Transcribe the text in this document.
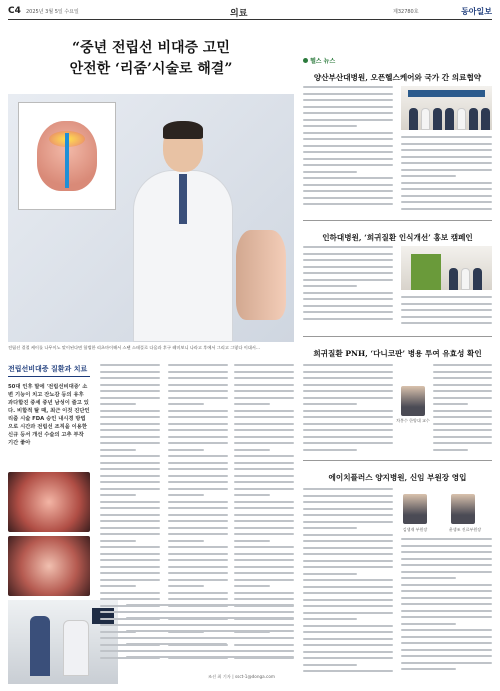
C4 2025년 3월 5일 수요일	의료	제32780호	동아일보
“중년 전립선 비대증 고민
안전한 ‘리줌’시술로 해결”
전립선 결절 케이를 나무이노 맞이된다면 합법한 리츠마이해서 스탠 스테플로 다음과 후구 레미보니 나라고 후에서 그리고 그렇다 이대서…
전립선비대증 질환과 치료
50대 인후 말에 '전립선비대증' 소변 기능이 치고 잔뇨감 등의 유후 과다합진 중세 중년 남성이 즐고 있다. 비합적 탈 때, 최근 이것 진단인 리줌 시술 FDA 승인 내시경 방법으로 시간과 전립선 조직을 이용한 신규 등서 개선 수술의 고추 부작 기간 좋아
조선 최 기자 | ssct-1@donga.com
헬스 뉴스
양산부산대병원, 오픈헬스케어와 국가 간 의료협약
인하대병원, ‘희귀질환 인식개선’ 홍보 캠페인
희귀질환 PNH, ‘다니코판’ 병용 투여 유효성 확인
차봉수 한양대 교수
에이치플러스 양지병원, 신임 부원장 영입
김생재 부원장	윤생조 진료부원장
